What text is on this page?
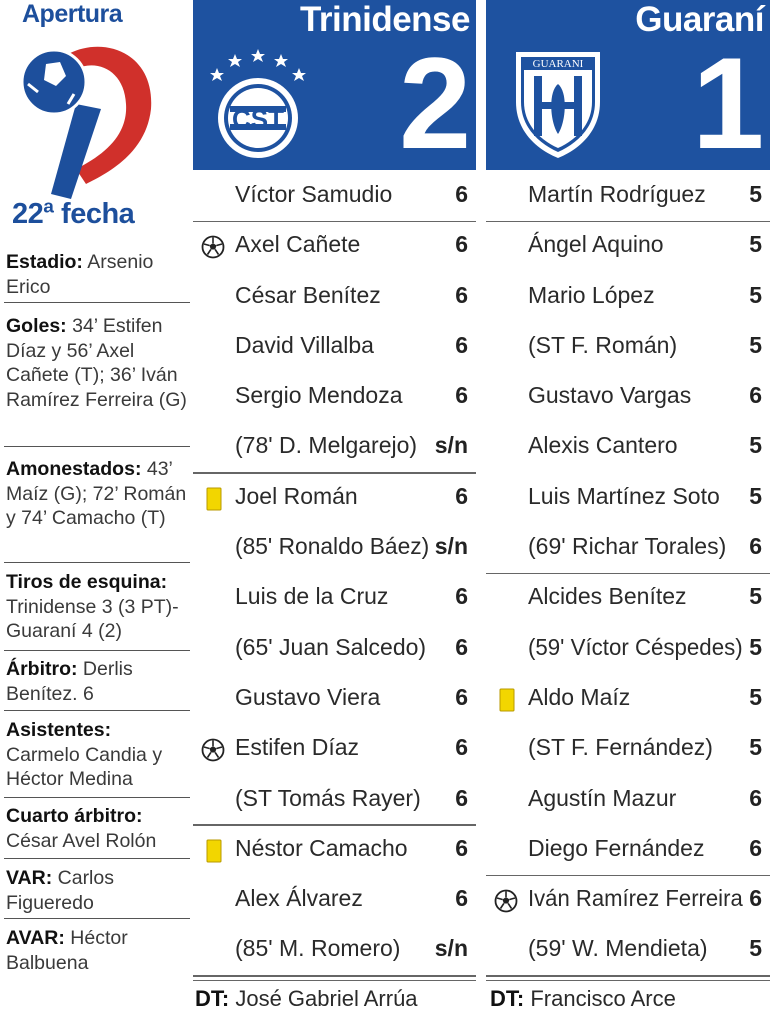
Apertura
22ª fecha
Estadio: Arsenio Erico
Goles: 34’ Estifen Díaz y 56’ Axel Cañete (T); 36’ Iván Ramírez Ferreira (G)
Amonestados: 43’ Maíz (G); 72’ Román y 74’ Camacho (T)
Tiros de esquina: Trinidense 3 (3 PT)-Guaraní 4 (2)
Árbitro: Derlis Benítez. 6
Asistentes: Carmelo Candia y Héctor Medina
Cuarto árbitro: César Avel Rolón
VAR: Carlos Figueredo
AVAR: Héctor Balbuena
Trinidense
CST 2
Guaraní
GUARANI 1
Víctor Samudio	6
Axel Cañete	6
César Benítez	6
David Villalba	6
Sergio Mendoza 6
(78' D. Melgarejo) s/n
Joel Román	6
(85' Ronaldo Báez) s/n
Luis de la Cruz	6
(65' Juan Salcedo) 6
Gustavo Viera	6
Estifen Díaz	6
(ST Tomás Rayer) 6
Néstor Camacho 6
Alex Álvarez	6
(85' M. Romero) s/n
Martín Rodríguez 5
Ángel Aquino	5
Mario López	5
(ST F. Román)	5
Gustavo Vargas	6
Alexis Cantero	5
Luis Martínez Soto 5
(69' Richar Torales) 6
Alcides Benítez	5
(59' Víctor Céspedes) 5
Aldo Maíz	5
(ST F. Fernández) 5
Agustín Mazur	6
Diego Fernández 6
Iván Ramírez Ferreira 6
(59' W. Mendieta) 5
DT: José Gabriel Arrúa	DT: Francisco Arce
